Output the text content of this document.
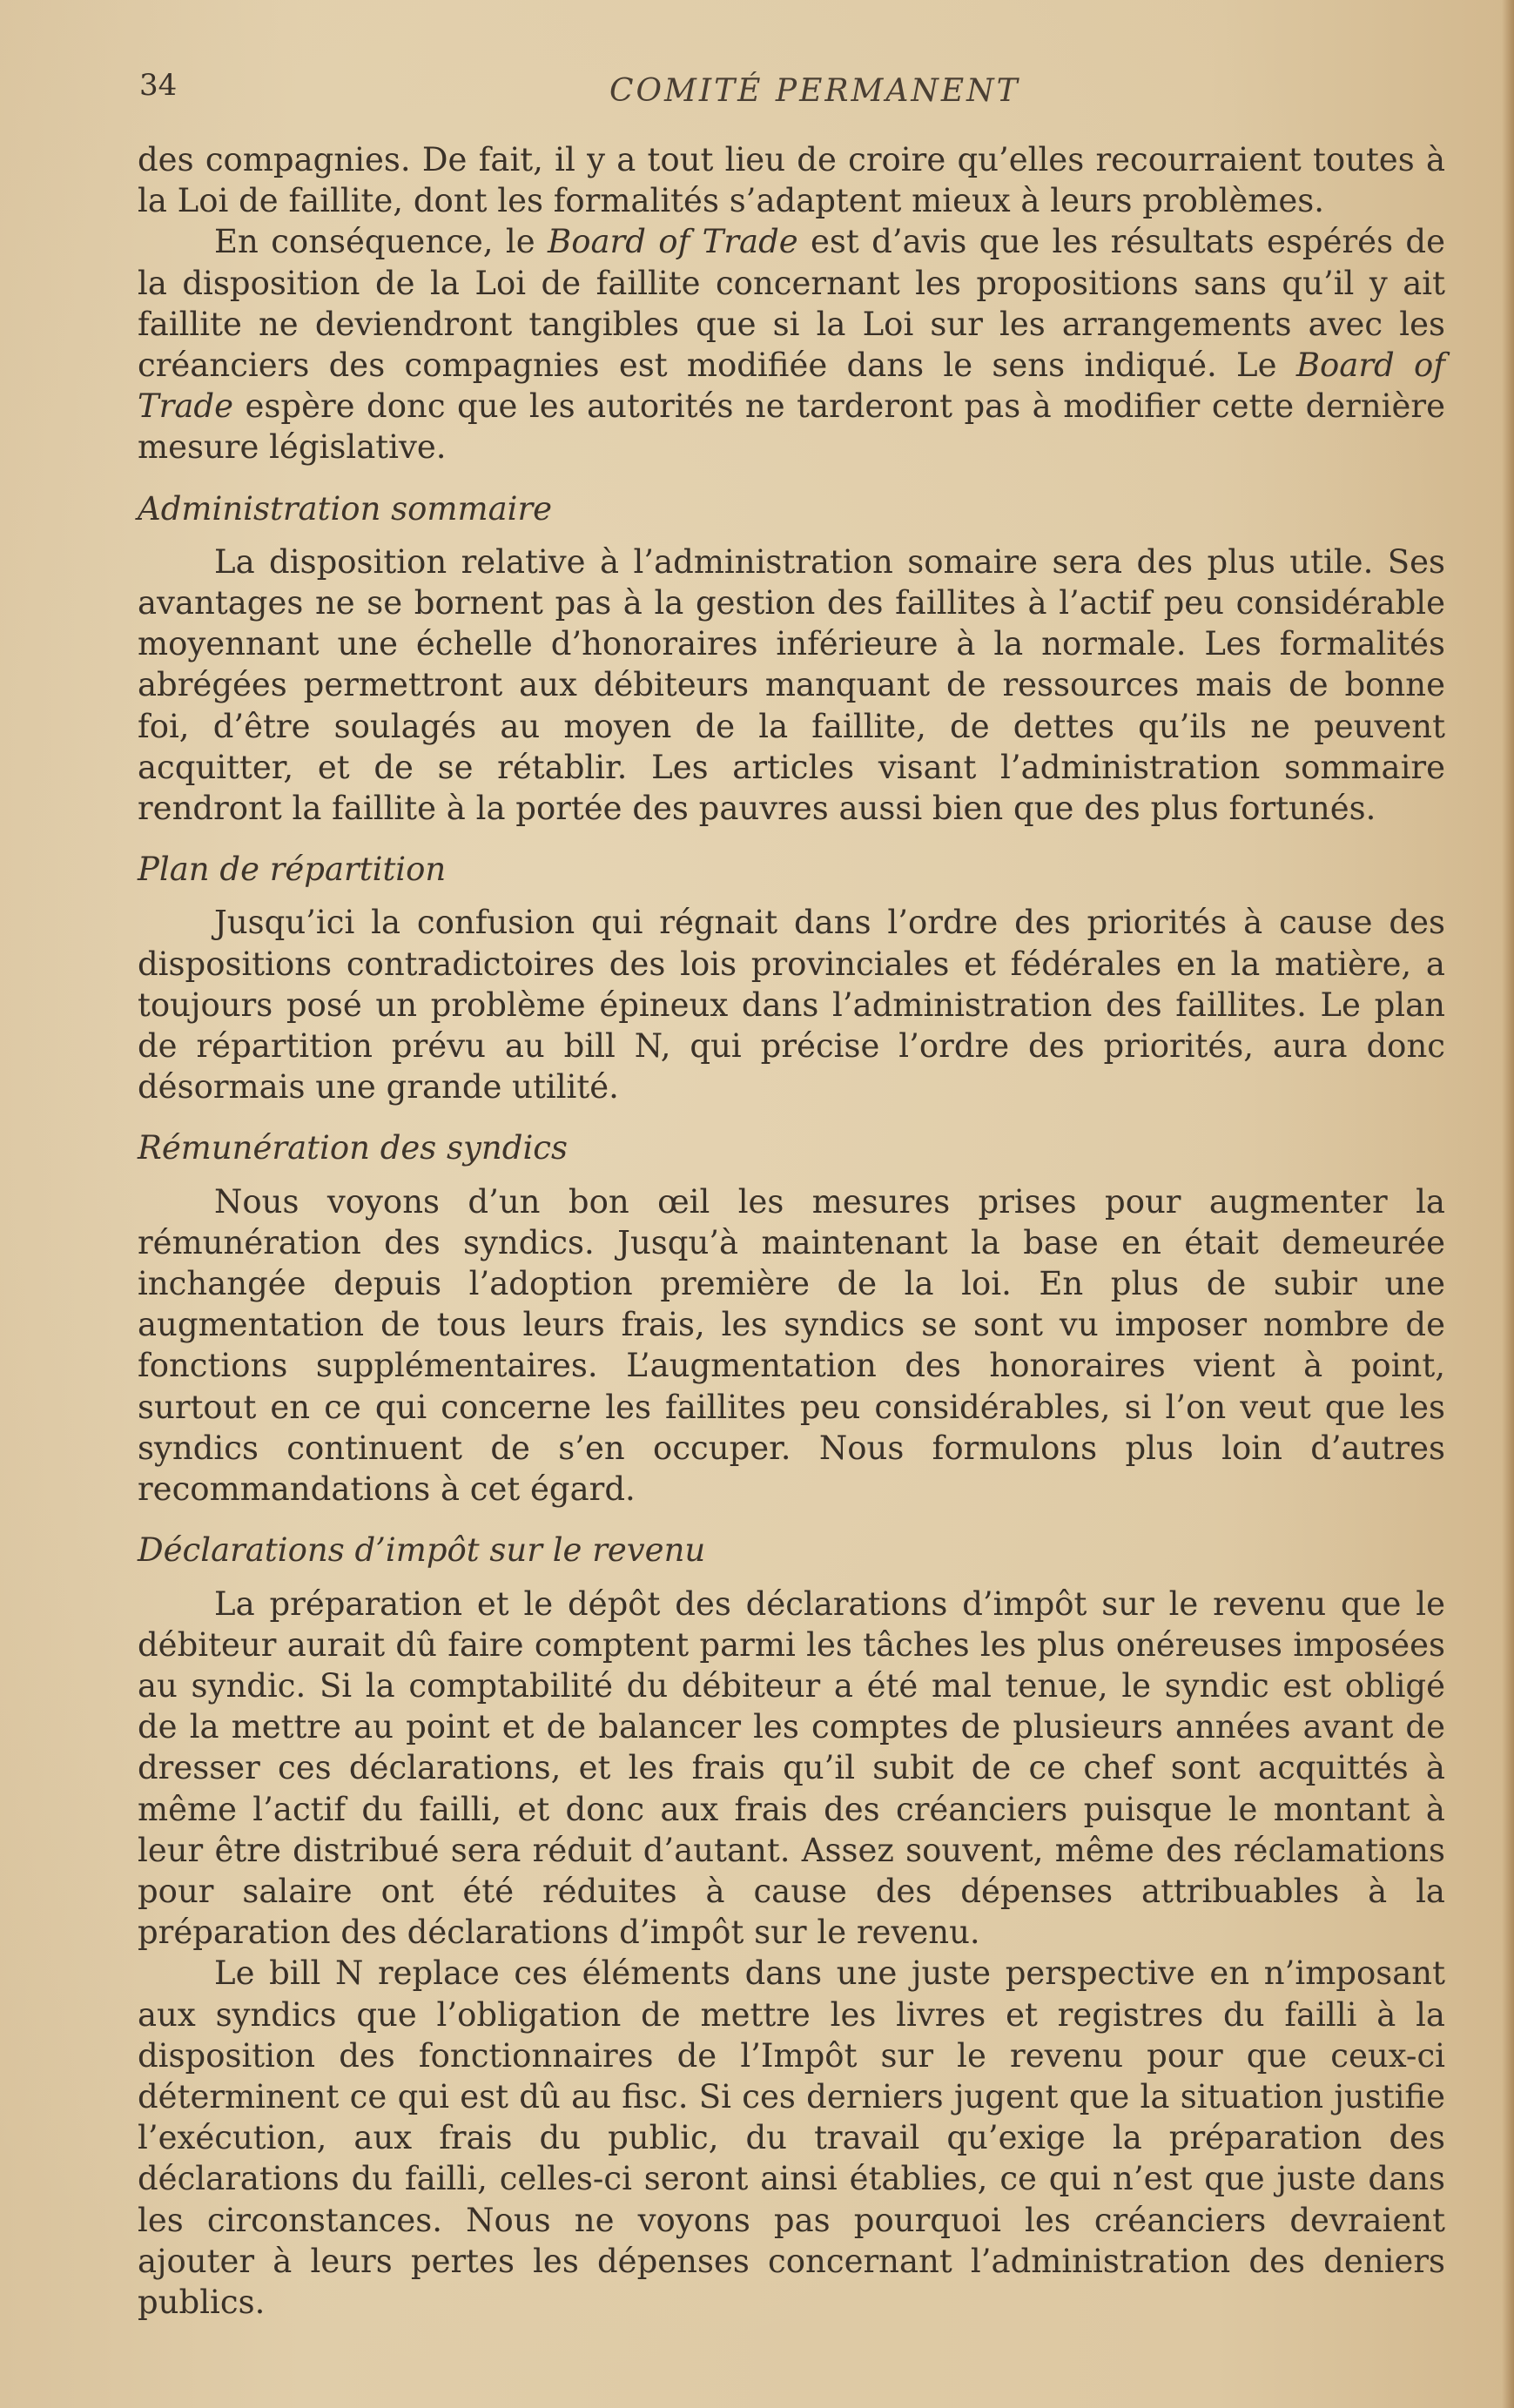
34	COMITÉ PERMANENT

des compagnies. De fait, il y a tout lieu de croire qu’elles recourraient toutes à la Loi de faillite, dont les formalités s’adaptent mieux à leurs problèmes.

En conséquence, le Board of Trade est d’avis que les résultats espérés de la disposition de la Loi de faillite concernant les propositions sans qu’il y ait faillite ne deviendront tangibles que si la Loi sur les arrangements avec les créanciers des compagnies est modifiée dans le sens indiqué. Le Board of Trade espère donc que les autorités ne tarderont pas à modifier cette dernière mesure législative.

Administration sommaire

La disposition relative à l’administration somaire sera des plus utile. Ses avantages ne se bornent pas à la gestion des faillites à l’actif peu considérable moyennant une échelle d’honoraires inférieure à la normale. Les formalités abrégées permettront aux débiteurs manquant de ressources mais de bonne foi, d’être soulagés au moyen de la faillite, de dettes qu’ils ne peuvent acquitter, et de se rétablir. Les articles visant l’administration sommaire rendront la faillite à la portée des pauvres aussi bien que des plus fortunés.

Plan de répartition

Jusqu’ici la confusion qui régnait dans l’ordre des priorités à cause des dispositions contradictoires des lois provinciales et fédérales en la matière, a toujours posé un problème épineux dans l’administration des faillites. Le plan de répartition prévu au bill N, qui précise l’ordre des priorités, aura donc désormais une grande utilité.

Rémunération des syndics

Nous voyons d’un bon œil les mesures prises pour augmenter la rémunération des syndics. Jusqu’à maintenant la base en était demeurée inchangée depuis l’adoption première de la loi. En plus de subir une augmentation de tous leurs frais, les syndics se sont vu imposer nombre de fonctions supplémentaires. L’augmentation des honoraires vient à point, surtout en ce qui concerne les faillites peu considérables, si l’on veut que les syndics continuent de s’en occuper. Nous formulons plus loin d’autres recommandations à cet égard.

Déclarations d’impôt sur le revenu

La préparation et le dépôt des déclarations d’impôt sur le revenu que le débiteur aurait dû faire comptent parmi les tâches les plus onéreuses imposées au syndic. Si la comptabilité du débiteur a été mal tenue, le syndic est obligé de la mettre au point et de balancer les comptes de plusieurs années avant de dresser ces déclarations, et les frais qu’il subit de ce chef sont acquittés à même l’actif du failli, et donc aux frais des créanciers puisque le montant à leur être distribué sera réduit d’autant. Assez souvent, même des réclamations pour salaire ont été réduites à cause des dépenses attribuables à la préparation des déclarations d’impôt sur le revenu.

Le bill N replace ces éléments dans une juste perspective en n’imposant aux syndics que l’obligation de mettre les livres et registres du failli à la disposition des fonctionnaires de l’Impôt sur le revenu pour que ceux-ci déterminent ce qui est dû au fisc. Si ces derniers jugent que la situation justifie l’exécution, aux frais du public, du travail qu’exige la préparation des déclarations du failli, celles-ci seront ainsi établies, ce qui n’est que juste dans les circonstances. Nous ne voyons pas pourquoi les créanciers devraient ajouter à leurs pertes les dépenses concernant l’administration des deniers publics.
